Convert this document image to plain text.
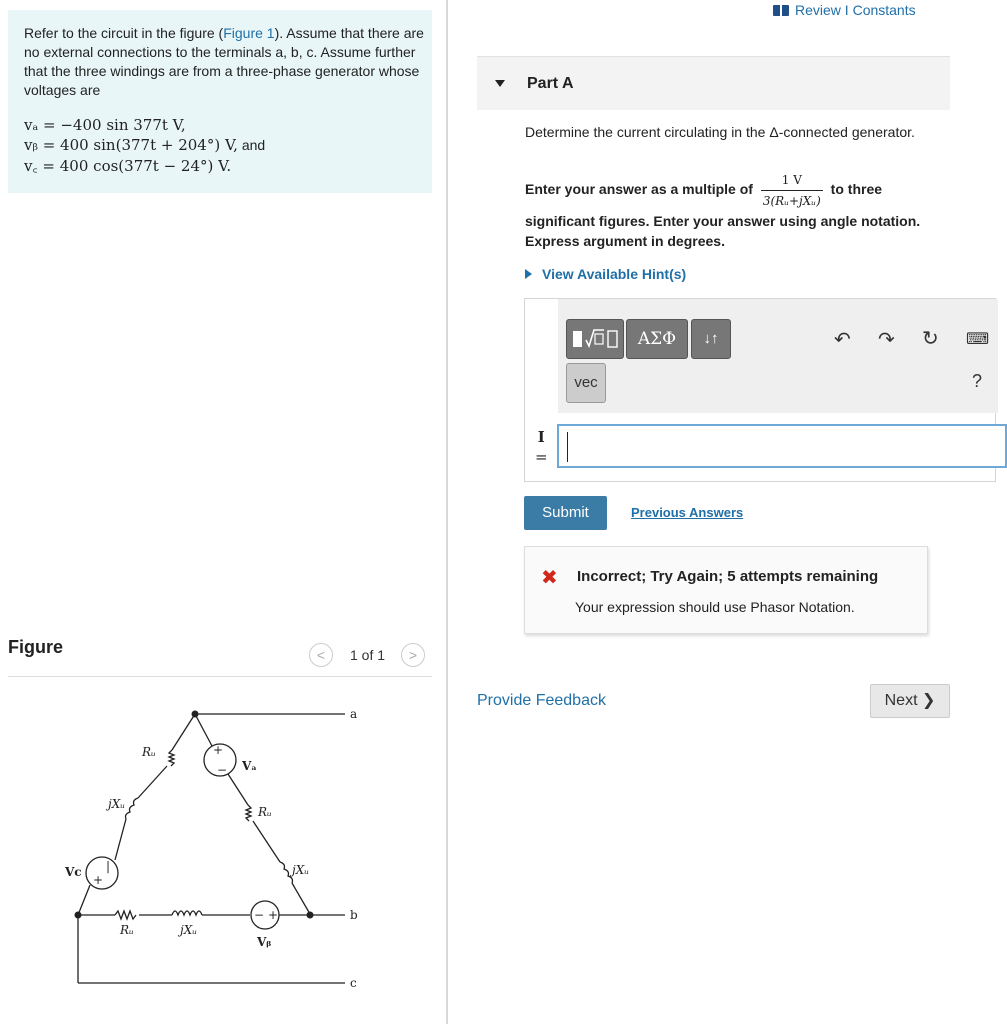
Refer to the circuit in the figure (Figure 1). Assume that there are no external connections to the terminals a, b, c. Assume further that the three windings are from a three-phase generator whose voltages are
vₐ = −400 sin 377t V,
vᵦ = 400 sin(377t + 204°) V, and
v꜀ = 400 cos(377t − 24°) V.
Figure	<	1 of 1	>
+
−
+
|
− +
a
b
c
Vₐ
Vᵦ
Vc
Rᵤ
jXᵤ
Rᵤ
jXᵤ
Rᵤ	jXᵤ
Review I Constants
Part A
Determine the current circulating in the Δ-connected generator.
Enter your answer as a multiple of $\frac{1 V}{\text{3(Rᵤ+jXᵤ)}}$ to three significant figures. Enter your answer using angle notation. Express argument in degrees.
View Available Hint(s)
ΑΣΦ	↓↑
vec
↶ ↷ ↻ ⌨
?
I
=
Submit	Previous Answers
✖ Incorrect; Try Again; 5 attempts remaining
Your expression should use Phasor Notation.
Provide Feedback	Next ❯
